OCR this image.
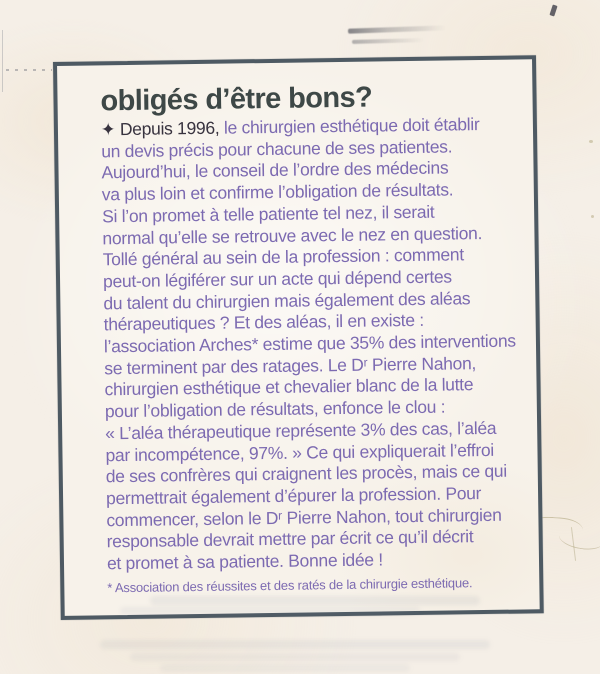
obligés d’être bons?
✦ Depuis 1996, le chirurgien esthétique doit établir
un devis précis pour chacune de ses patientes.
Aujourd’hui, le conseil de l’ordre des médecins
va plus loin et confirme l’obligation de résultats.
Si l’on promet à telle patiente tel nez, il serait
normal qu’elle se retrouve avec le nez en question.
Tollé général au sein de la profession : comment
peut-on légiférer sur un acte qui dépend certes
du talent du chirurgien mais également des aléas
thérapeutiques ? Et des aléas, il en existe :
l’association Arches* estime que 35% des interventions
se terminent par des ratages. Le Dʳ Pierre Nahon,
chirurgien esthétique et chevalier blanc de la lutte
pour l’obligation de résultats, enfonce le clou :
« L’aléa thérapeutique représente 3% des cas, l’aléa
par incompétence, 97%. » Ce qui expliquerait l’effroi
de ses confrères qui craignent les procès, mais ce qui
permettrait également d’épurer la profession. Pour
commencer, selon le Dʳ Pierre Nahon, tout chirurgien
responsable devrait mettre par écrit ce qu’il décrit
et promet à sa patiente. Bonne idée !
* Association des réussites et des ratés de la chirurgie esthétique.
